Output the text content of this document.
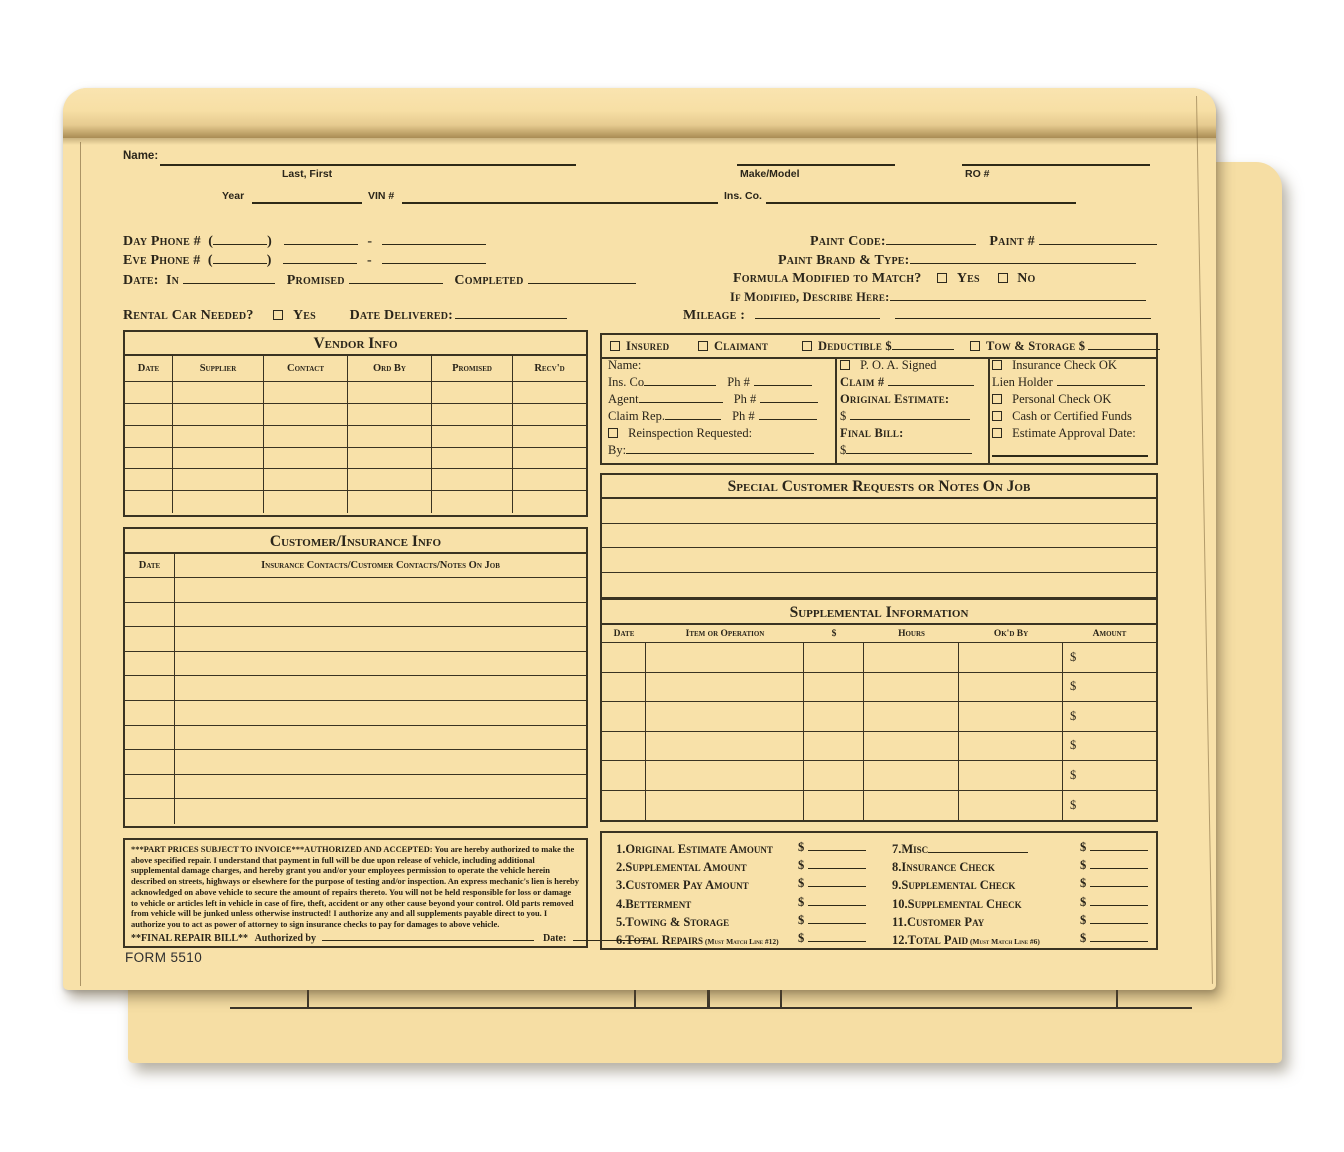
Name:
Last, First	Make/Model	RO #
Year	VIN #	Ins. Co.
Day Phone # (	)	-
Eve Phone # (	)	-
Date: In	Promised	Completed
Rental Car Needed?	Yes Date Delivered:
Paint Code:	Paint #
Paint Brand & Type:
Formula Modified to Match?	Yes	No
If Modified, Describe Here:
Mileage :
Vendor Info
Date	Supplier	Contact	Ord By	Promised	Recv'd
Customer/Insurance Info
Date	Insurance Contacts/Customer Contacts/Notes On Job
***PART PRICES SUBJECT TO INVOICE***AUTHORIZED AND ACCEPTED: You are hereby authorized to make the above specified repair. I understand that payment in full will be due upon release of vehicle, including additional supplemental damage charges, and hereby grant you and/or your employees permission to operate the vehicle herein described on streets, highways or elsewhere for the purpose of testing and/or inspection. An express mechanic's lien is hereby acknowledged on above vehicle to secure the amount of repairs thereto. You will not be held responsible for loss or damage to vehicle or articles left in vehicle in case of fire, theft, accident or any other cause beyond your control. Old parts removed from vehicle will be junked unless otherwise instructed! I authorize any and all supplements payable direct to you. I authorize you to act as power of attorney to sign insurance checks to pay for damages to above vehicle.
**FINAL REPAIR BILL** Authorized by	Date:
FORM 5510
Insured	Claimant	Deductible $	Tow & Storage $
Name:
Ins. Co	Ph #
Agent	Ph #
Claim Rep.	Ph #
Reinspection Requested:
By:
P. O. A. Signed
Claim #
Original Estimate:
$
Final Bill:
$
Insurance Check OK
Lien Holder
Personal Check OK
Cash or Certified Funds
Estimate Approval Date:
Special Customer Requests or Notes On Job
Supplemental Information
Date	Item or Operation	$	Hours	Ok'd By	Amount
$
$
$
$
$
$
1.Original Estimate Amount $
2.Supplemental Amount	$
3.Customer Pay Amount	$
4.Betterment	$
5.Towing & Storage	$
6.Total Repairs (Must Match Line #12) $
7.Misc	$
8.Insurance Check	$
9.Supplemental Check	$
10.Supplemental Check	$
11.Customer Pay	$
12.Total Paid (Must Match Line #6)	$
